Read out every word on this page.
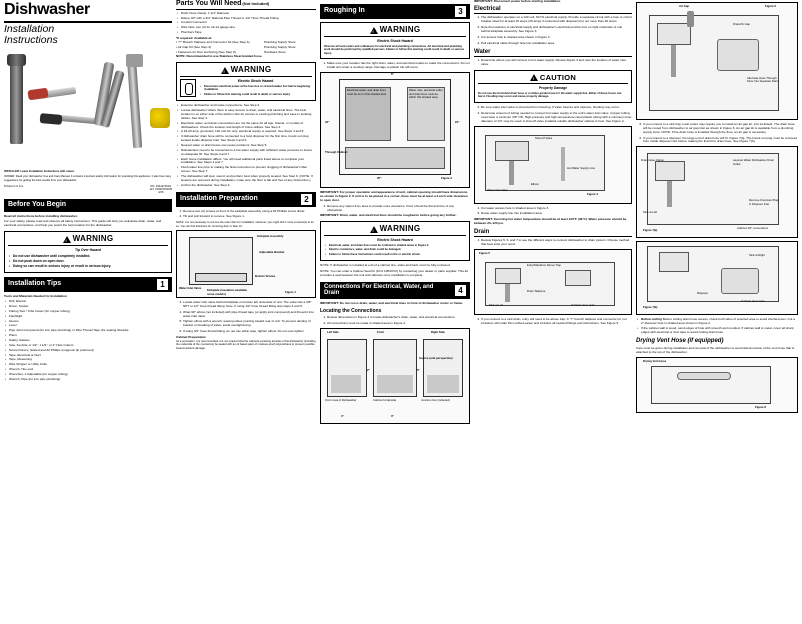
Dishwasher
Installation
Instructions

INSTALLER: Leave Installation Instructions with owner.

OWNER: Read your dishwasher Use and Care Manual. It contains important safety information for operating this appliance. It also has many suggestions for getting the best results from your dishwasher.

Printed in U.S.A.	PN: 154427261N
AN: 154972151KB
4/15
Before You Begin

Read all instructions before installing dishwasher.

For your safety, please read and observe all safety instructions. This guide will help you anticipate drain, water, and electrical connections, and help you select the best location for the dishwasher.

!
WARNING
Tip Over Hazard
• Do not use dishwasher until completely installed.
• Do not push down on open door.
• Doing so can result in serious injury or result in serious injury.
Installation Tips	1
Tools and Materials Needed for Installation
• Drill, Electric
• Driver, Socket
• Flaring Tool / Tube Cutter (for copper tubing)
• Flashlight
• Gloves
• Level
• Pipe Joint Compound (for iron pipe plumbing) or Pipe Thread Tape (for sealing threads)
• Pliers
• Safety Glasses
• Saw, Keyhole or 1/2", 1 1/2", or 2" Hole Cutters
• Screw Drivers, Slotted and #2 Phillips (magnetic tip preferred)
• Tape, Electrical or Duct
• Tape, Measuring
• Wire Stripper or Utility Knife
• Wrench, Hex-end
• Wrenches, 2 Adjustable (for copper tubing)
• Wrench, Pipe (for iron pipe plumbing)
Parts You Will Need (Not Included)
• Drain Hose Clamp, 1 1/4" Diameter
• Elbow, 90° with a 3/4" National Pipe Thread or 1/2" Hose Thread Fitting
• Conduit Connector
• Wire Nuts, two (2) for 12-14 gauge wire
• Plumbers Tape
*If required: Available at:
• "Y" Branch Tailpiece and Connector Kit (See Step 4)	Plumbing Supply Store
• Air Gap Kit (See Step 4)	Plumbing Supply Store
• Fasteners for floor anchoring (See Step 9)	Hardware Store
NOTE: Recommended to use Stainless Steel braided hose.
!
WARNING
Electric Shock Hazard
• Disconnect electrical power at the fuse box or circuit breaker box before beginning installation.
• Failure to follow this warning could result in death or serious injury.
• Examine dishwasher and locate connections. See Step 4.
• Locate dishwasher where there is easy access to drain, water, and electrical lines. The best location is on either side of the kitchen sink for access to existing plumbing and ease in locating dishes. See Step 4.
• Electrical, water, and drain connections are not the same for all age, brands, or models of dishwashers. Check the location and length of home utilities. See Step 4.
• A 15-20 amp, grounded, 120 volt AC only, electrical supply is required. See Steps 4 and 5.
• If dishwasher drain hose will be connected to a food disposer for the first time, knock out plug located inside disposer inlet. See Steps 4 and 5.
• Nearest water or drain hoses can cause problems. See Step 5.
• Dishwashers need to be connected to a hot water supply with sufficient water pressure to insure an adequate fill. See Steps 4 and 7.
• Each home installation differs. You will need additional parts listed above to complete your installation. See Steps 4 and 7.
• Flush water line prior to making the final connection to prevent clogging of dishwasher's filter screen. See Step 7.
• The dishwasher will look, sound, and perform best when properly leveled. See Step 9. (NOTE: If levelers are removed during installation, make sure the floor is flat and free of any obstruction.)
• Anchor the dishwasher. See Step 9.
Installation Preparation	2
1. Remove two (2) screws at front of the kickplate assembly using a #2 Phillips screw driver.
2. Tilt and pull forward to remove. See Figure 1.

NOTE: It is not necessary to remove the outer door for installation. However, you might find it more convenient to do so. You can find directions for removing door in Step 10.

Kickplate Assembly
Adjustable Bracket
Water Inlet Valve
Bottom Screws
Kickplate (insulation available some models)	Figure 1
3. Locate water inlet valve behind kickplate on bottom left underside of unit. The valve has a 3/8" NPT or 1/2" hose thread fitting. Note: If using 1/2" hose thread fitting skip steps 4 and 5.
4. Wrap 90° elbow (not included) with pipe thread tape (or apply joint compound) and thread it into water inlet valve.
5. Tighten elbow with a wrench, leaving elbow pointing toward rear of unit. To prevent denting of bracket or breaking of valve, avoid overtightening.
6. If using 3/4" hose thread fitting, do not use teflon tape, tighten elbow. Do not over tighten.
Cabinet Preparation:

As a precaution, it is recommended, but not required that the cabinets enclosing all sides of the dishwasher (including the underside of the countertop) be sealed with an oil based paint of moisture-proof polyurethane to prevent possible steam/moisture damage.

Roughing In	3
!
WARNING
Electric Shock Hazard

Observe all local codes and ordinances for electrical and plumbing connections. All electrical and plumbing work should be performed by qualified persons. Failure to follow this warning could result in death or serious injury.

1. Make sure your location has the right drain, water, and electrical outlets to make the connections. Do not install unit under a cooktop range. Damage to plastic tub will occur.
Electrical outlet, and drain lines must be run in this shaded area
Water inlet, electrical outlet and drain lines must be within this shaded area
6"
34"
25"
24"
Through Cabinet
Figure 2

IMPORTANT: For proper operation and appearance of unit, cabinet opening should have dimensions as shown in Figure 2. If unit is to be placed in a corner, there must be at least a 2-inch side clearance to open door.

2. Remove any carpet from area to provide more clearance. Floor should be flat and free of any obstruction.

IMPORTANT: Drain, water, and electrical lines should be roughed-in before going any further.

!
WARNING
Electric Shock Hazard
• Electrical, water, and drain lines must be confined to shaded areas in Figure 2.
• Electric conductors, water, and drain could be damaged.
• Failure to follow these instructions could result in fire or electric shock.

NOTE: If dishwasher is installed at end of a cabinet line, sides and back must be fully enclosed.

NOTE: You can order a Cabinet Seal Kit (Kit # 1054XXX) by contacting your dealer or parts supplier. This kit provides a seal between the unit and cabinets once installation is complete.

Connections For Electrical, Water, and Drain	4

IMPORTANT: Do not cross drain, water, and electrical lines in front of dishwasher motor or frame.

Locating the Connections
1. Review dimensions in Figure 3 to locate dishwasher's drain, water, and electrical connections.
2. All connections must be made in shaded area in Figure 2.
Left Side	Front	Right Side
Front view of Dishwasher	Cabinet Underside	Junction box (included)
Source (unit perspective)
2"	5"
4"	3"

IMPORTANT: Disconnect power before starting installation.

Electrical
1. The dishwasher operates on a 120 volt, 60 Hz electrical supply. Provide a separate circuit with a fuse or circuit breaker rated for at least 15 amps (20 amps if connected with disposer) but not more than 20 amps.
2. Note the locations of electrical supply and dishwasher's electrical junction box on right underside of unit behind kickplate assembly. See Figure 3.
3. Cut access hole in shaded area shown in Figure 3.
4. Pull electrical cable through hole into installation area.
Water
1. Determine where you will connect to hot water supply. Review Figure 3 and note the location of water inlet valve.
!
CAUTION
Property Damage

Do not use the furnished drain hose or a rubber garden hose for the water supply line. Either of these hoses can burst. Flooding may occur and cause property damage.

2. Be sure water inlet valve is protected from freezing. If valve freezes and ruptures, flooding may occur.
3. Determine amount of tubing needed to connect hot water supply to the unit's water inlet valve. Copper tubing must have a minimum 3/8" OD. High-pressure and high-temperature rated plastic tubing with a minimum inner diameter of 1/4" may be used. A shut-off valve installed outside dishwasher cabinet is best. See Figure 4.
Figure 4
Shut-off Valve
Hot Water Supply Line
Water Inlet Valve
Elbow
4. Cut water access hole in shaded area in Figure 3.
5. Route water supply line into installation area.

IMPORTANT: Incoming hot water temperature should be at least 120°F (49°C). Water pressure should be between 20–120 psi.

Drain
1. Review Figures 5, 6, and 7 to see the different ways to connect dishwasher to drain system. Choose method that best suits your need.
Figure 5
Entry/Marathon Above Trap
Drain Tailpiece
Sink at Left	2" Drain Hose Hole
2. If you connect to a sink drain, entry will need to be above trap. A "Y" branch tailpiece and connector kit, not included, will make this method easier and includes all needed fittings and instructions. See Figure 5.
Figure 6
Air Gap
Drain/Air Gap
Alternate Hose Through Floor Into Separate Drain
5. If you connect to a sink trap, local codes may require you to install an air gap kit, (not included). The drain hose will be routed from dishwasher to air gap inlet as shown in Figure 6. An air gap kit is available from a plumbing supply store. NOTE: If the drain hose is installed through the floor, an air gap is necessary.
6. If you connect to a disposer, the large end of drain hose will fit. Figure 7(a). The knock out plug must be removed from inside disposer inlet before making the final fit to drain hose. See Figure 7(b).
Drain Hose Clamp	Layered Water Dishwasher Drain Outlet
Sink at Left
Remove Knockout Plug in Disposer Inlet
Figure 7(a)	Cabinet 3/4" connections
Sink at Right
Disposer
2" Drain Hose Hole
Figure 7(b)
• Before cutting Before cutting drain hose access, check both sides of selected area to avoid interferences. Cut a 2" diameter hole in shaded area shown in Figure 2.
• If the cabinet wall is wood, sand edges of hole with smooth and rounded. If cabinet wall is metal, cover all sharp edges with electrical or duct tape to avoid cutting drain hose.
Drying Vent Hose (if equipped)

Care must be given during installation and removal of the dishwasher to avoid disconnection of the vent hose that is attached to the top of the dishwasher.

Drying Vent Hose
Figure 8
